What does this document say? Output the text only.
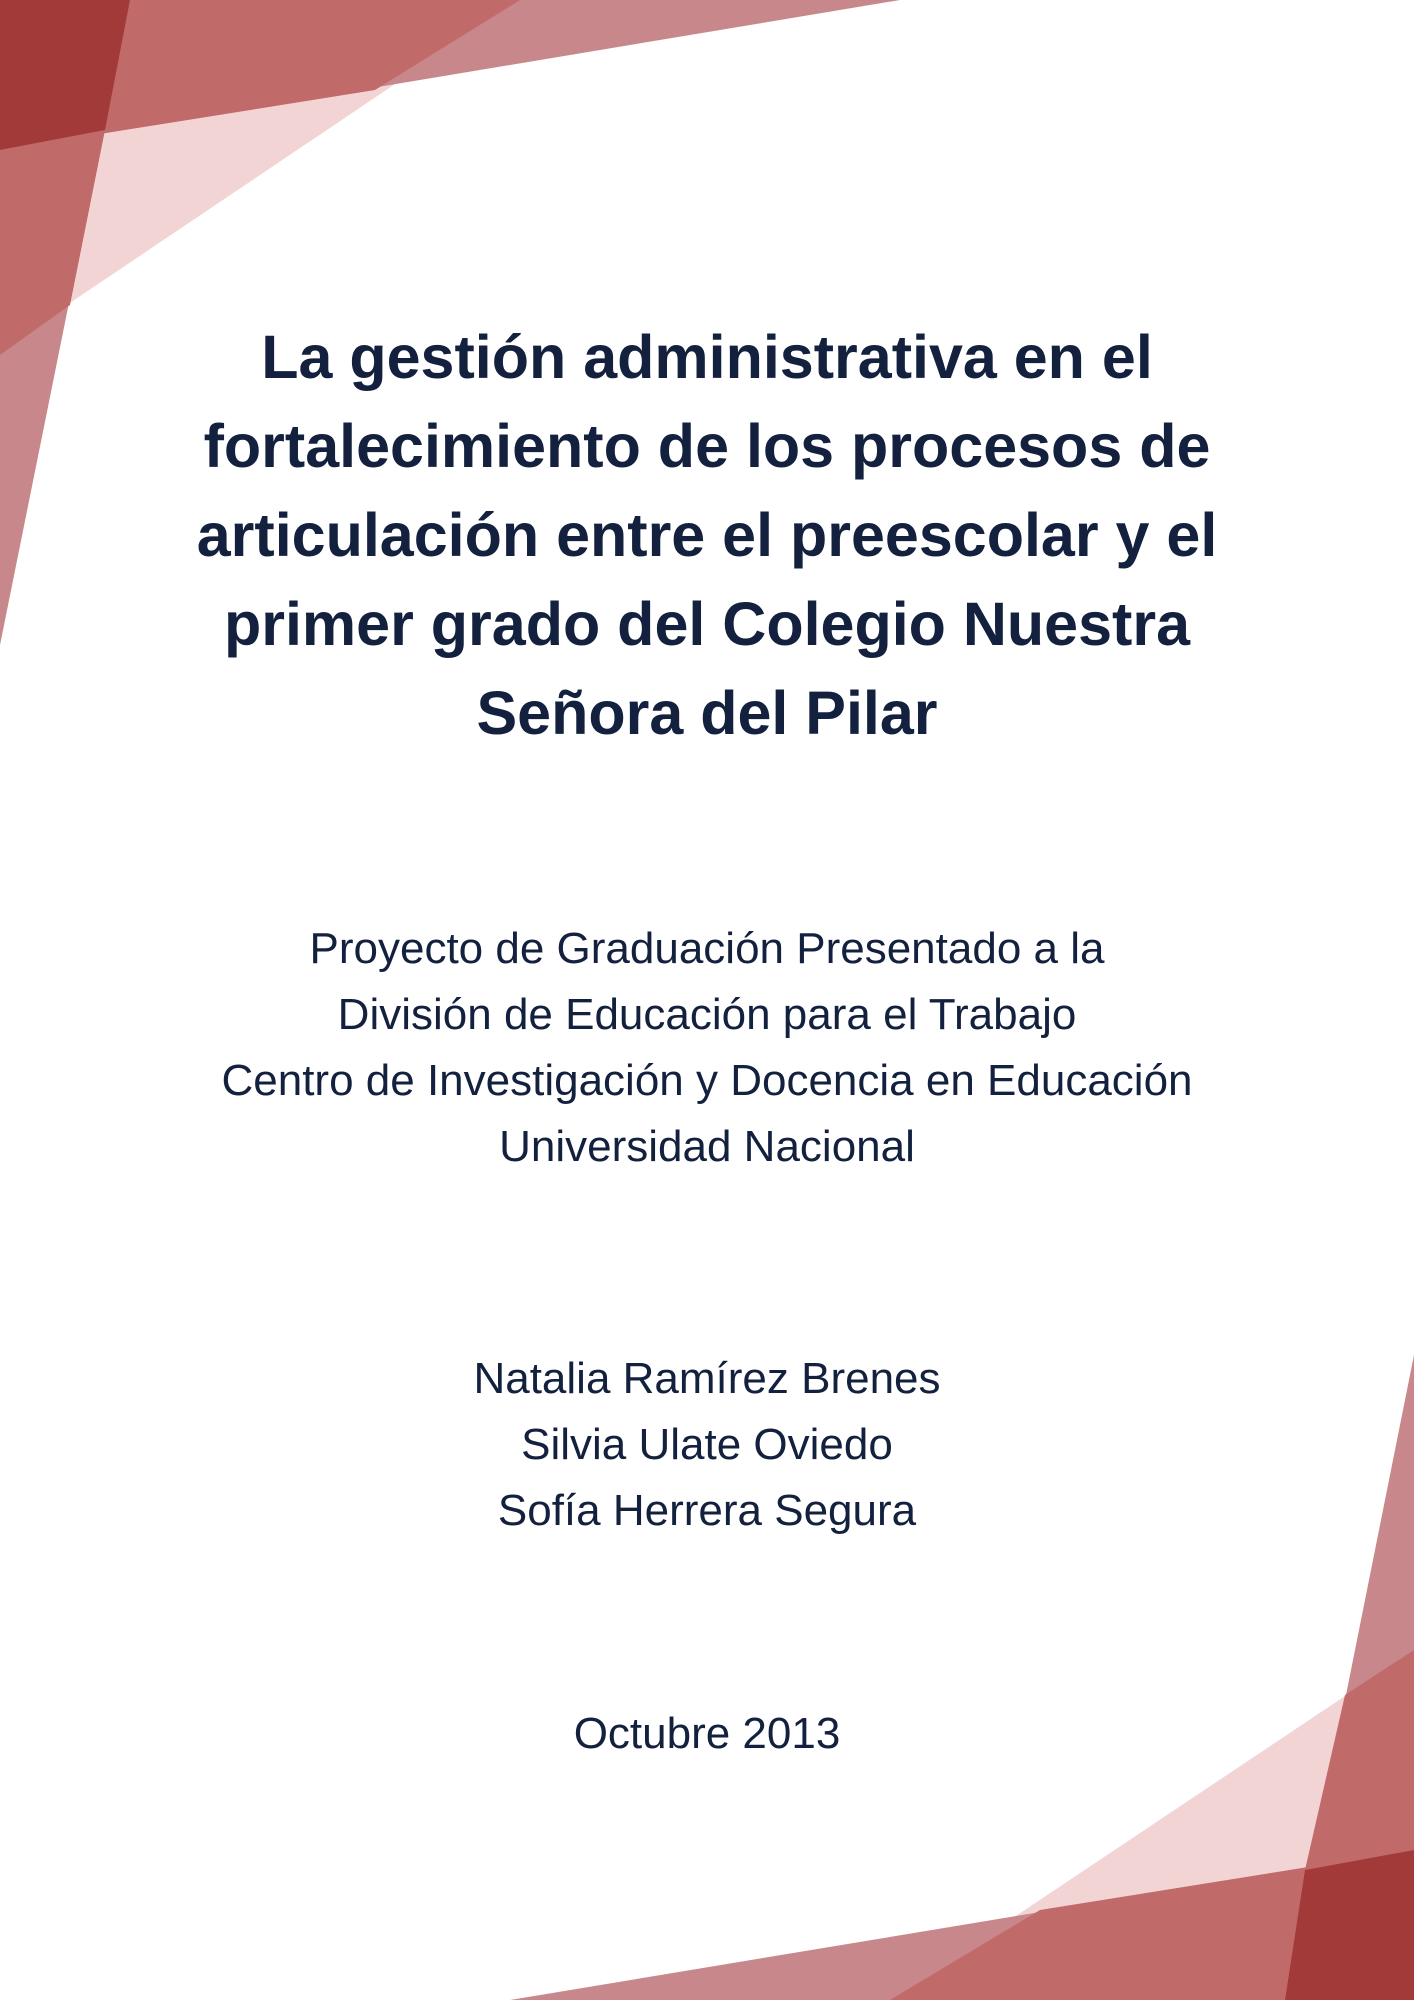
La gestión administrativa en el
fortalecimiento de los procesos de
articulación entre el preescolar y el
primer grado del Colegio Nuestra
Señora del Pilar
Proyecto de Graduación Presentado a la
División de Educación para el Trabajo
Centro de Investigación y Docencia en Educación
Universidad Nacional
Natalia Ramírez Brenes
Silvia Ulate Oviedo
Sofía Herrera Segura
Octubre 2013
